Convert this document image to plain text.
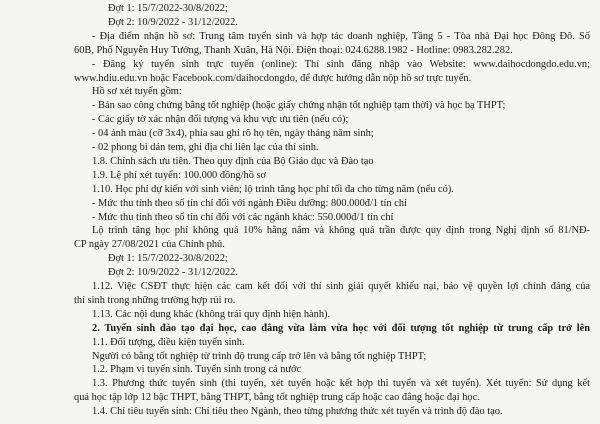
Đợt 1: 15/7/2022-30/8/2022;
Đợt 2: 10/9/2022 - 31/12/2022.
- Địa điểm nhận hồ sơ: Trung tâm tuyển sinh và hợp tác doanh nghiệp, Tầng 5 - Tòa nhà Đại học Đông Đô. Số
60B, Phố Nguyễn Huy Tưởng, Thanh Xuân, Hà Nội. Điện thoại: 024.6288.1982 - Hotline: 0983.282.282.
- Đăng ký tuyển sinh trực tuyến (online): Thí sinh đăng nhập vào Website: www.daihocdongdo.edu.vn;
www.hdiu.edu.vn hoặc Facebook.com/daihocdongdo, để được hướng dẫn nộp hồ sơ trực tuyến.
Hồ sơ xét tuyển gồm:
- Bản sao công chứng bằng tốt nghiệp (hoặc giấy chứng nhận tốt nghiệp tạm thời) và học bạ THPT;
- Các giấy tờ xác nhận đối tượng và khu vực ưu tiên (nếu có);
- 04 ảnh màu (cỡ 3x4), phía sau ghi rõ họ tên, ngày tháng năm sinh;
- 02 phong bì dán tem, ghi địa chỉ liên lạc của thí sinh.
1.8. Chính sách ưu tiên. Theo quy định của Bộ Giáo dục và Đào tạo
1.9. Lệ phí xét tuyển: 100.000 đồng/hồ sơ
1.10. Học phí dự kiến với sinh viên; lộ trình tăng học phí tối đa cho từng năm (nếu có).
- Mức thu tính theo số tín chỉ đối với ngành Điều dưỡng: 800.000đ/1 tín chỉ
- Mức thu tính theo số tín chỉ đối với các ngành khác: 550.000đ/1 tín chỉ
Lộ trình tăng học phí không quá 10% hằng năm và không quá trần được quy định trong Nghị định số 81/NĐ-
CP ngày 27/08/2021 của Chính phủ.
Đợt 1: 15/7/2022-30/8/2022;
Đợt 2: 10/9/2022 - 31/12/2022.
1.12. Việc CSĐT thực hiện các cam kết đối với thí sinh giải quyết khiếu nại, bảo vệ quyền lợi chính đáng của
thí sinh trong những trường hợp rủi ro.
1.13. Các nội dung khác (không trái quy định hiện hành).
2. Tuyển sinh đào tạo đại học, cao đẳng vừa làm vừa học với đối tượng tốt nghiệp từ trung cấp trở lên
1.1. Đối tượng, điều kiện tuyển sinh.
Người có bằng tốt nghiệp từ trình độ trung cấp trở lên và bằng tốt nghiệp THPT;
1.2. Phạm vi tuyển sinh. Tuyển sinh trong cả nước
1.3. Phương thức tuyển sinh (thi tuyển, xét tuyển hoặc kết hợp thi tuyển và xét tuyển). Xét tuyển: Sử dụng kết
quả học tập lớp 12 bậc THPT, bằng THPT, bằng tốt nghiệp trung cấp hoặc cao đẳng hoặc đại học.
1.4. Chỉ tiêu tuyển sinh: Chỉ tiêu theo Ngành, theo từng phương thức xét tuyển và trình độ đào tạo.
